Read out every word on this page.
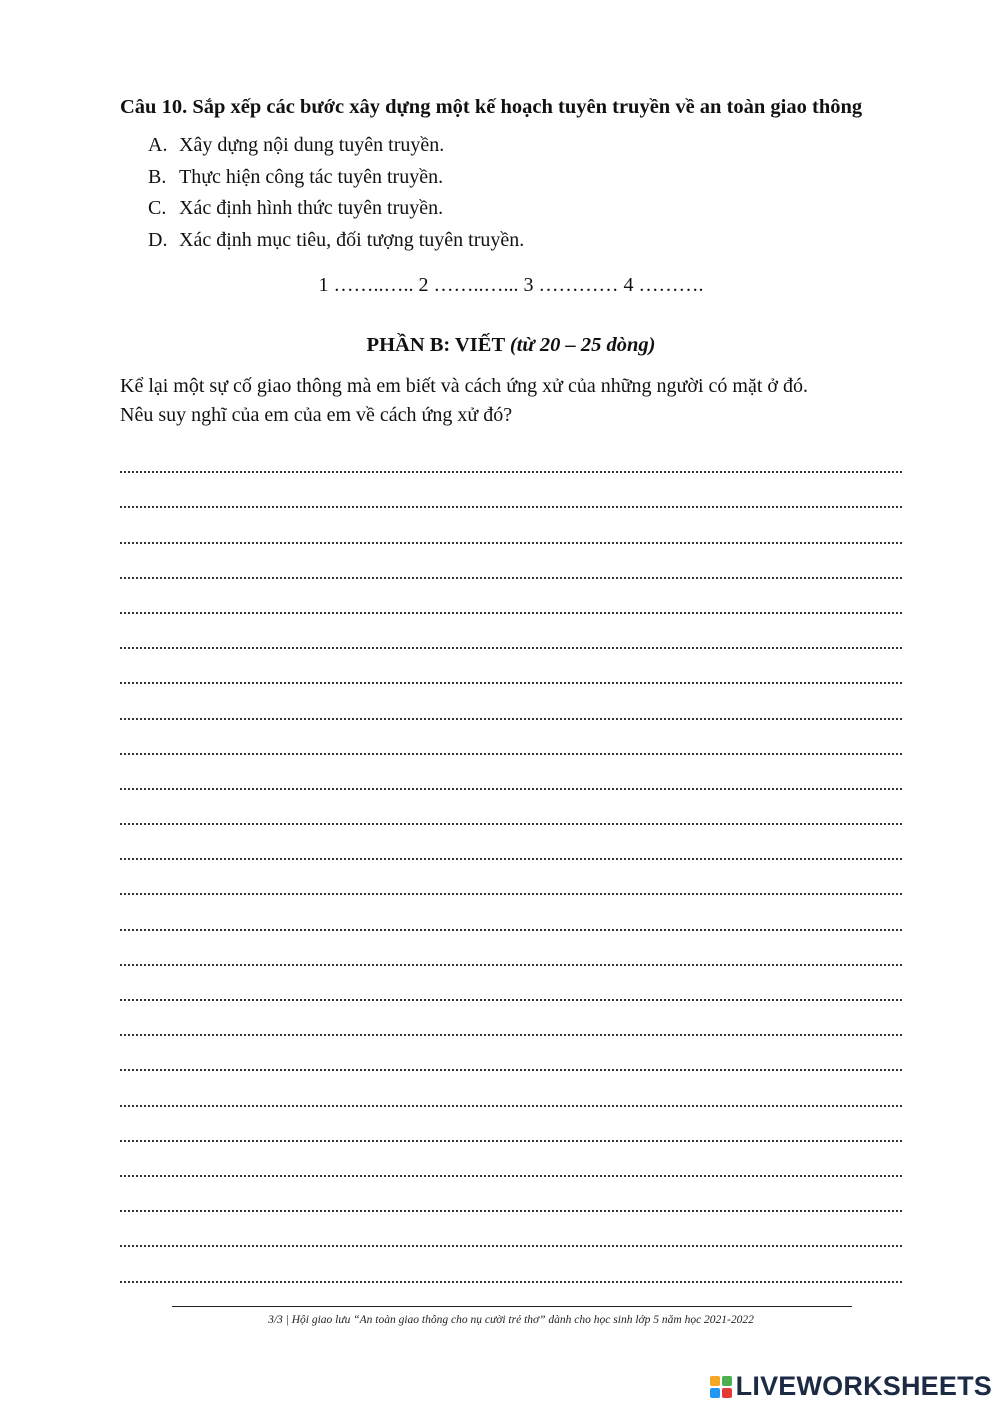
Câu 10. Sắp xếp các bước xây dựng một kế hoạch tuyên truyền về an toàn giao thông
A. Xây dựng nội dung tuyên truyền.
B. Thực hiện công tác tuyên truyền.
C. Xác định hình thức tuyên truyền.
D. Xác định mục tiêu, đối tượng tuyên truyền.
1 ……..….. 2 ……..…... 3 ………… 4 ……….
PHẦN B: VIẾT (từ 20 – 25 dòng)
Kể lại một sự cố giao thông mà em biết và cách ứng xử của những người có mặt ở đó.
Nêu suy nghĩ của em của em về cách ứng xử đó?
3/3 | Hội giao lưu “An toàn giao thông cho nụ cười trẻ thơ” dành cho học sinh lớp 5 năm học 2021-2022
LIVEWORKSHEETS
